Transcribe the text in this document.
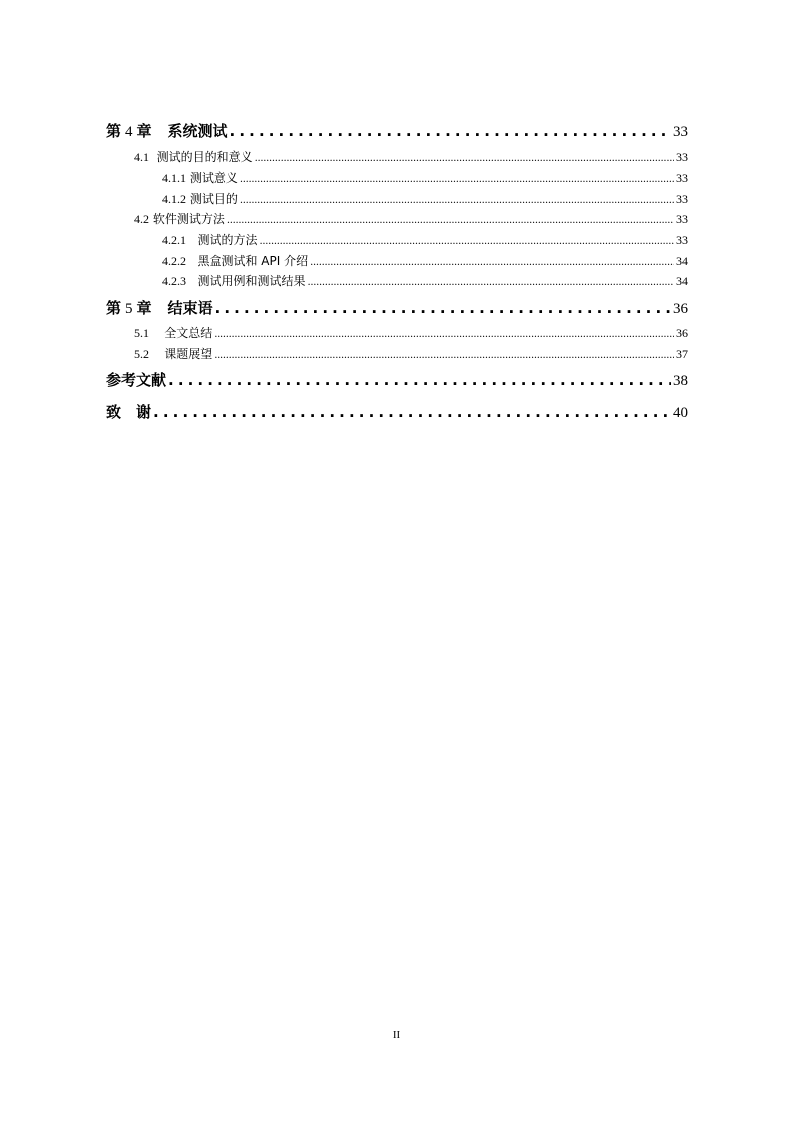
第 4 章 系统测试 .....	33
4.1 测试的目的和意义 .....	33
4.1.1 测试意义 .....	33
4.1.2 测试目的 .....	33
4.2 软件测试方法 .....	33
4.2.1 测试的方法 .....	33
4.2.2 黑盒测试和 API 介绍 .....	34
4.2.3 测试用例和测试结果 .....	34
第 5 章 结束语 .....	36
5.1 全文总结 .....	36
5.2 课题展望 .....	37
参考文献 .....	38
致　谢 .....	40
II
